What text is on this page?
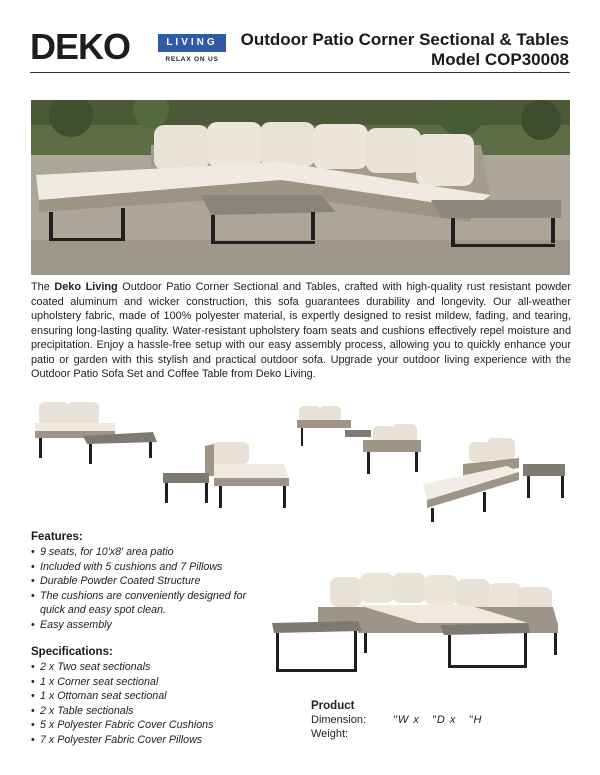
DEKO	LIVING
RELAX ON US
Outdoor Patio Corner Sectional & Tables
Model COP30008
The Deko Living Outdoor Patio Corner Sectional and Tables, crafted with high-quality rust resistant powder coated aluminum and wicker construction, this sofa guarantees durability and longevity. Our all-weather upholstery fabric, made of 100% polyester material, is expertly designed to resist mildew, fading, and tearing, ensuring long-lasting quality. Water-resistant upholstery foam seats and cushions effectively repel moisture and precipitation. Enjoy a hassle-free setup with our easy assembly process, allowing you to quickly enhance your patio or garden with this stylish and practical outdoor sofa. Upgrade your outdoor living experience with the Outdoor Patio Sofa Set and Coffee Table from Deko Living.
Features:
• 9 seats, for 10'x8' area patio
• Included with 5 cushions and 7 Pillows
• Durable Powder Coated Structure
• The cushions are conveniently designed for quick and easy spot clean.
• Easy assembly
Specifications:
• 2 x Two seat sectionals
• 1 x Corner seat sectional
• 1 x Ottoman seat sectional
• 2 x Table sectionals
• 5 x Polyester Fabric Cover Cushions
• 7 x Polyester Fabric Cover Pillows
Product
Dimension: "W x   "D x   "H
Weight:
